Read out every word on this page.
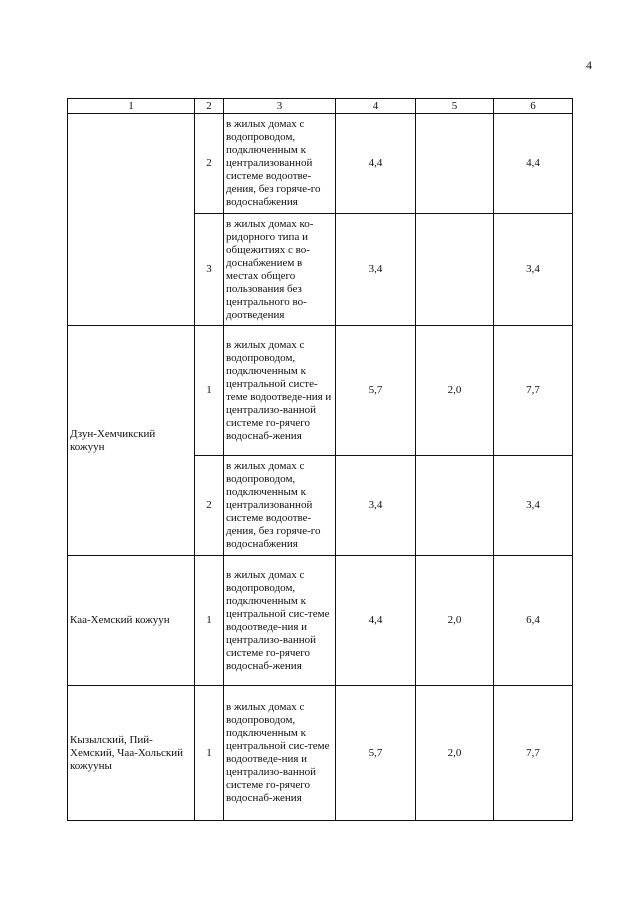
4
1	2	3	4	5	6
	2	в жилых домах с водопроводом, подключенным к централизованной системе водоотве-дения, без горяче-го водоснабжения	4,4		4,4
	3	в жилых домах ко-ридорного типа и общежитиях с во-доснабжением в местах общего пользования без центрального во-доотведения	3,4		3,4
Дзун-Хемчикский кожуун	1	в жилых домах с водопроводом, подключенным к центральной систе-теме водоотведе-ния и централизо-ванной системе го-рячего водоснаб-жения	5,7	2,0	7,7
	2	в жилых домах с водопроводом, подключенным к централизованной системе водоотве-дения, без горяче-го водоснабжения	3,4		3,4
Каа-Хемский кожуун	1	в жилых домах с водопроводом, подключенным к центральной сис-теме водоотведе-ния и централизо-ванной системе го-рячего водоснаб-жения	4,4	2,0	6,4
Кызылский, Пий-Хемский, Чаа-Хольский кожууны	1	в жилых домах с водопроводом, подключенным к центральной сис-теме водоотведе-ния и централизо-ванной системе го-рячего водоснаб-жения	5,7	2,0	7,7
